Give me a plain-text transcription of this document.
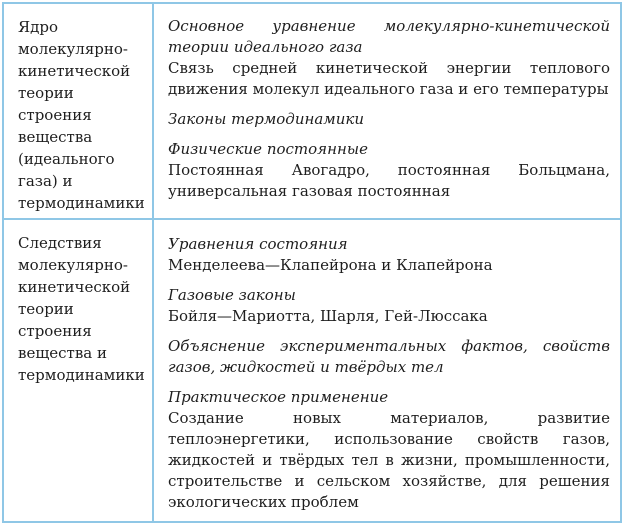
Ядро молекулярно-кинетической теории строения вещества (идеального газа) и термодинамики
Основное уравнение молекулярно-кинетической теории идеального газа
Связь средней кинетической энергии теплового движения молекул идеального газа и его температуры
Законы термодинамики
Физические постоянные
Постоянная Авогадро, постоянная Больцмана, универсальная газовая постоянная
Следствия молекулярно-кинетической теории строения вещества и термодинамики
Уравнения состояния
Менделеева—Клапейрона и Клапейрона
Газовые законы
Бойля—Мариотта, Шарля, Гей-Люссака
Объяснение экспериментальных фактов, свойств газов, жидкостей и твёрдых тел
Практическое применение
Создание новых материалов, развитие теплоэнергетики, использование свойств газов, жидкостей и твёрдых тел в жизни, промышленности, строительстве и сельском хозяйстве, для решения экологических проблем
